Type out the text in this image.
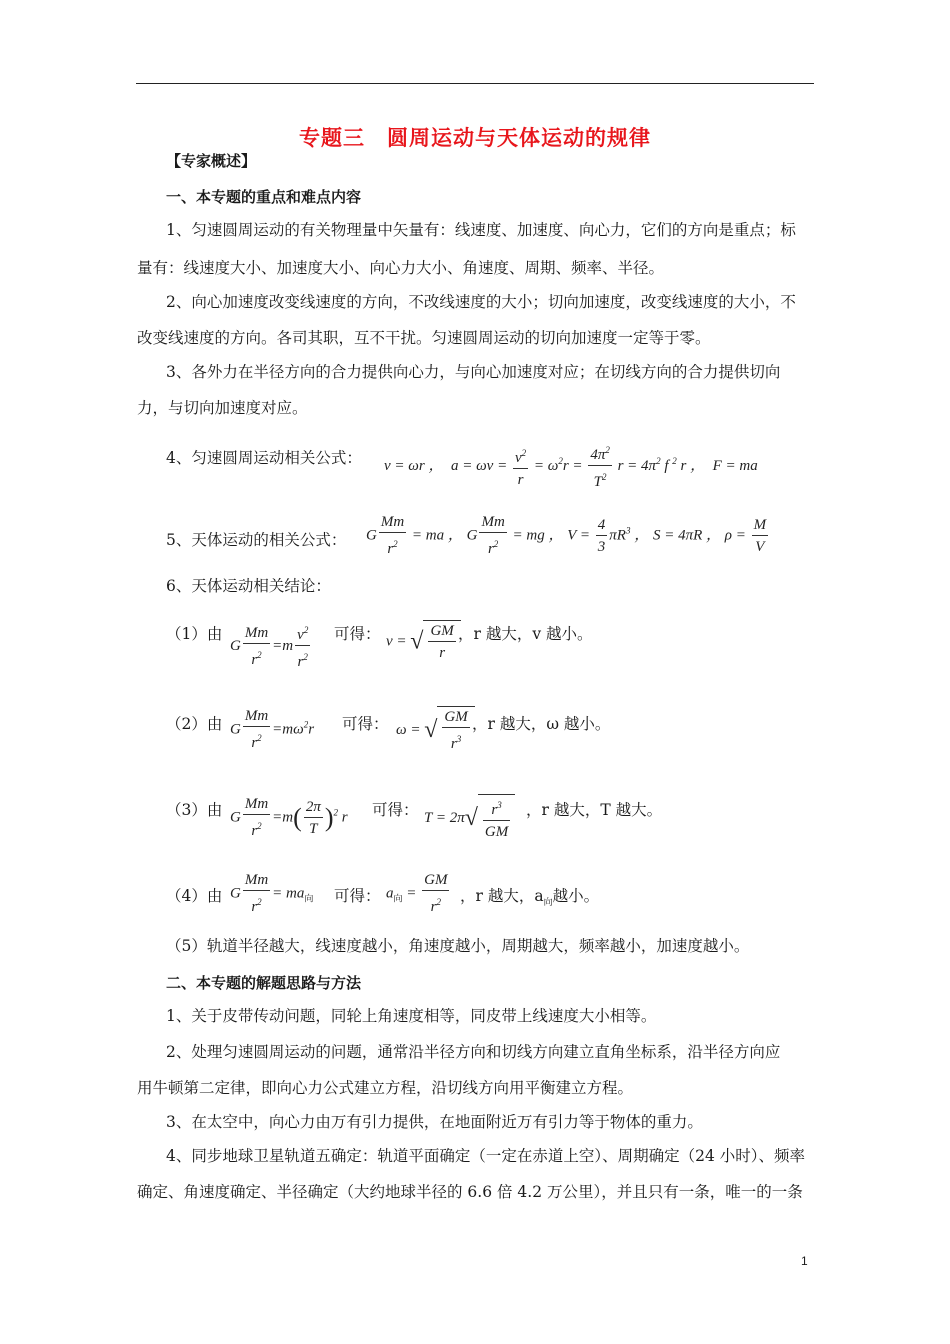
专题三　圆周运动与天体运动的规律
【专家概述】
一、本专题的重点和难点内容
1、匀速圆周运动的有关物理量中矢量有：线速度、加速度、向心力，它们的方向是重点；标
量有：线速度大小、加速度大小、向心力大小、角速度、周期、频率、半径。
2、向心加速度改变线速度的方向，不改线速度的大小；切向加速度，改变线速度的大小，不
改变线速度的方向。各司其职，互不干扰。匀速圆周运动的切向加速度一定等于零。
3、各外力在半径方向的合力提供向心力，与向心加速度对应；在切线方向的合力提供切向
力，与切向加速度对应。
4、匀速圆周运动相关公式：	v = ωr ，　$a = \omega v = \frac{v^2}{r} = \omega^2r = \frac{4\pi^2}{T^2}$ $r = 4\pi^2$ f $^2$ r ，　F = ma
5、天体运动的相关公式：	G $\frac{Mm}{r^2}$ = ma ， G $\frac{Mm}{r^2}$ = mg ， $V = \frac{4}{3} \pi R^3$ ， S = 4πR ， $\rho = \frac{M}{V}$
6、天体运动相关结论：
（1）由
G $\frac{Mm}{r^2} =m \frac{v^2}{r^2}$ 可得： v = √ $\frac{GM}{r}$ ，r 越大，v 越小。
（2）由 G $\frac{Mm}{r^2} =m\omega^2r$ 可得： ω = √ $\frac{GM}{r^3}$ ，r 越大，ω 越小。
（3）由 G $\frac{Mm}{r^2} =m( \frac{2\pi}{T} )^2$ r 可得： $T = 2\pi√ \frac{r^3}{GM}$ ，r 越大，T 越大。
（4）由 G $\frac{Mm}{r^2} = ma_向$ 可得： $a_向 = \frac{GM}{r^2}$ ，r 越大，$a_向$越小。
（5）轨道半径越大，线速度越小，角速度越小，周期越大，频率越小，加速度越小。
二、本专题的解题思路与方法
1、关于皮带传动问题，同轮上角速度相等，同皮带上线速度大小相等。
2、处理匀速圆周运动的问题，通常沿半径方向和切线方向建立直角坐标系，沿半径方向应
用牛顿第二定律，即向心力公式建立方程，沿切线方向用平衡建立方程。
3、在太空中，向心力由万有引力提供，在地面附近万有引力等于物体的重力。
4、同步地球卫星轨道五确定：轨道平面确定（一定在赤道上空）、周期确定（24 小时）、频率
确定、角速度确定、半径确定（大约地球半径的 6.6 倍 4.2 万公里），并且只有一条，唯一的一条
1
